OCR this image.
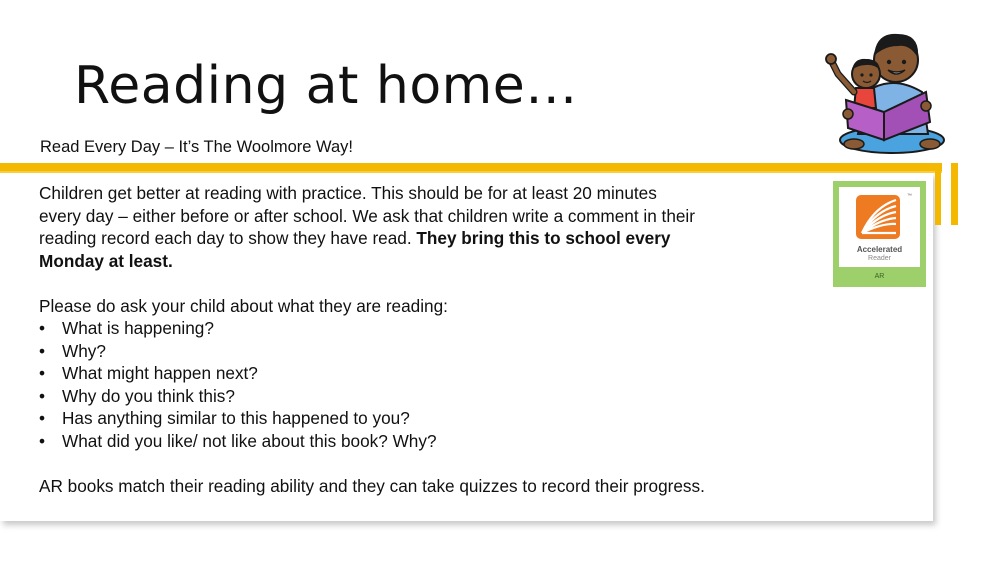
Reading at home…
Read Every Day – It’s The Woolmore Way!

Children get better at reading with practice. This should be for at least 20 minutes
every day – either before or after school. We ask that children write a comment in their
reading record each day to show they have read. They bring this to school every
Monday at least.

Please do ask your child about what they are reading:

• What is happening?
• Why?
• What might happen next?
• Why do you think this?
• Has anything similar to this happened to you?
• What did you like/ not like about this book? Why?

AR books match their reading ability and they can take quizzes to record their progress.

™
Accelerated
Reader
AR
